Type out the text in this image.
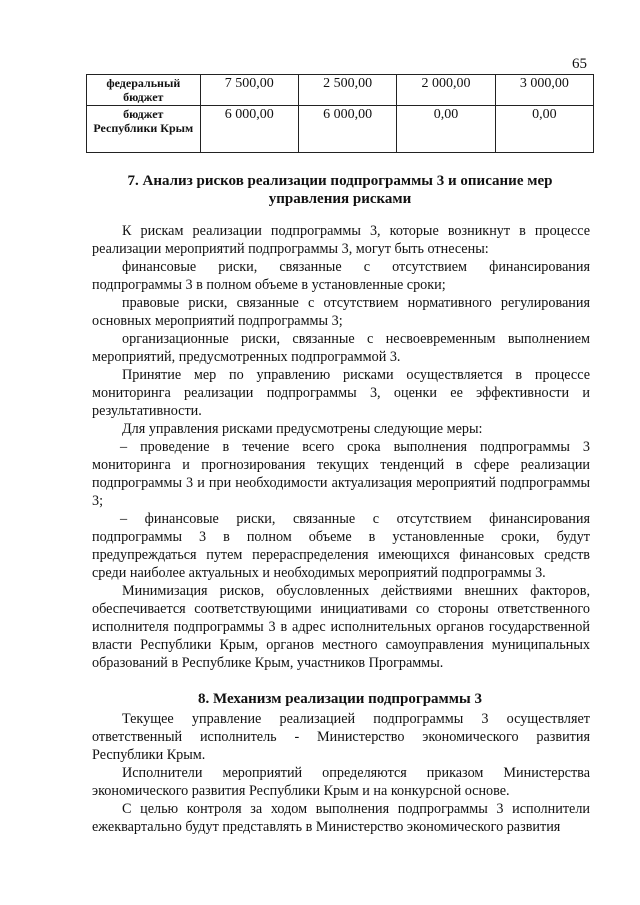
65
федеральный бюджет	7 500,00	2 500,00	2 000,00	3 000,00
бюджет Республики Крым	6 000,00	6 000,00	0,00	0,00
7. Анализ рисков реализации подпрограммы 3 и описание мер управления рисками

К рискам реализации подпрограммы 3, которые возникнут в процессе реализации мероприятий подпрограммы 3, могут быть отнесены:

финансовые риски, связанные с отсутствием финансирования подпрограммы 3 в полном объеме в установленные сроки;

правовые риски, связанные с отсутствием нормативного регулирования основных мероприятий подпрограммы 3;

организационные риски, связанные с несвоевременным выполнением мероприятий, предусмотренных подпрограммой 3.

Принятие мер по управлению рисками осуществляется в процессе мониторинга реализации подпрограммы 3, оценки ее эффективности и результативности.

Для управления рисками предусмотрены следующие меры:

– проведение в течение всего срока выполнения подпрограммы 3 мониторинга и прогнозирования текущих тенденций в сфере реализации подпрограммы 3 и при необходимости актуализация мероприятий подпрограммы 3;

– финансовые риски, связанные с отсутствием финансирования подпрограммы 3 в полном объеме в установленные сроки, будут предупреждаться путем перераспределения имеющихся финансовых средств среди наиболее актуальных и необходимых мероприятий подпрограммы 3.

Минимизация рисков, обусловленных действиями внешних факторов, обеспечивается соответствующими инициативами со стороны ответственного исполнителя подпрограммы 3 в адрес исполнительных органов государственной власти Республики Крым, органов местного самоуправления муниципальных образований в Республике Крым, участников Программы.

8. Механизм реализации подпрограммы 3

Текущее управление реализацией подпрограммы 3 осуществляет ответственный исполнитель - Министерство экономического развития Республики Крым.

Исполнители мероприятий определяются приказом Министерства экономического развития Республики Крым и на конкурсной основе.

С целью контроля за ходом выполнения подпрограммы 3 исполнители ежеквартально будут представлять в Министерство экономического развития
